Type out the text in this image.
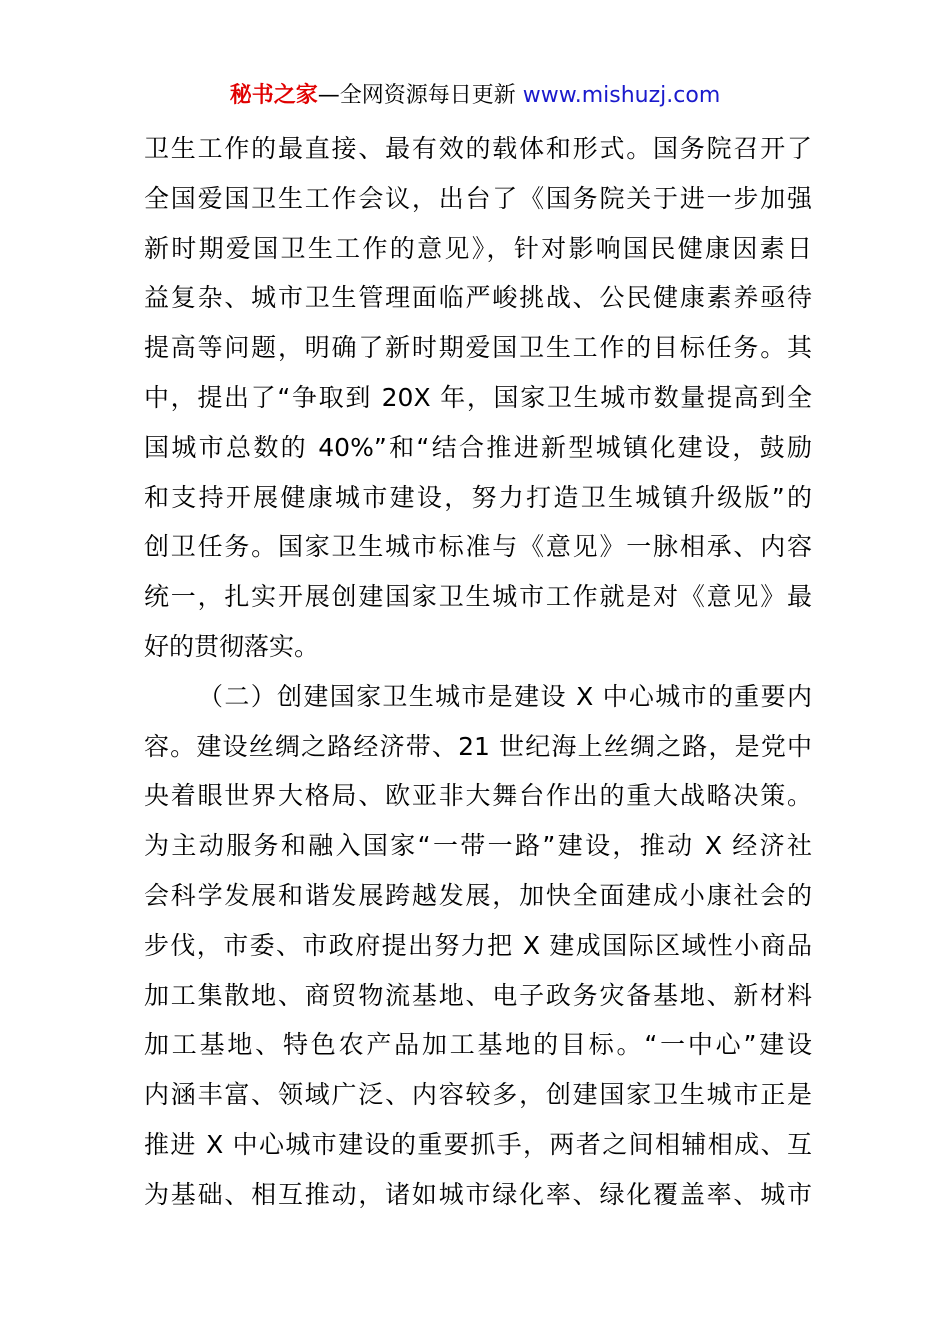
秘书之家—全网资源每日更新 www.mishuzj.com
卫生工作的最直接、最有效的载体和形式。国务院召开了
全国爱国卫生工作会议，出台了《国务院关于进一步加强
新时期爱国卫生工作的意见》，针对影响国民健康因素日
益复杂、城市卫生管理面临严峻挑战、公民健康素养亟待
提高等问题，明确了新时期爱国卫生工作的目标任务。其
中，提出了“争取到 20X 年，国家卫生城市数量提高到全
国城市总数的 40%”和“结合推进新型城镇化建设，鼓励
和支持开展健康城市建设，努力打造卫生城镇升级版”的
创卫任务。国家卫生城市标准与《意见》一脉相承、内容
统一，扎实开展创建国家卫生城市工作就是对《意见》最
好的贯彻落实。
（二）创建国家卫生城市是建设 X 中心城市的重要内
容。建设丝绸之路经济带、21 世纪海上丝绸之路，是党中
央着眼世界大格局、欧亚非大舞台作出的重大战略决策。
为主动服务和融入国家“一带一路”建设，推动 X 经济社
会科学发展和谐发展跨越发展，加快全面建成小康社会的
步伐，市委、市政府提出努力把 X 建成国际区域性小商品
加工集散地、商贸物流基地、电子政务灾备基地、新材料
加工基地、特色农产品加工基地的目标。“一中心”建设
内涵丰富、领域广泛、内容较多，创建国家卫生城市正是
推进 X 中心城市建设的重要抓手，两者之间相辅相成、互
为基础、相互推动，诸如城市绿化率、绿化覆盖率、城市
